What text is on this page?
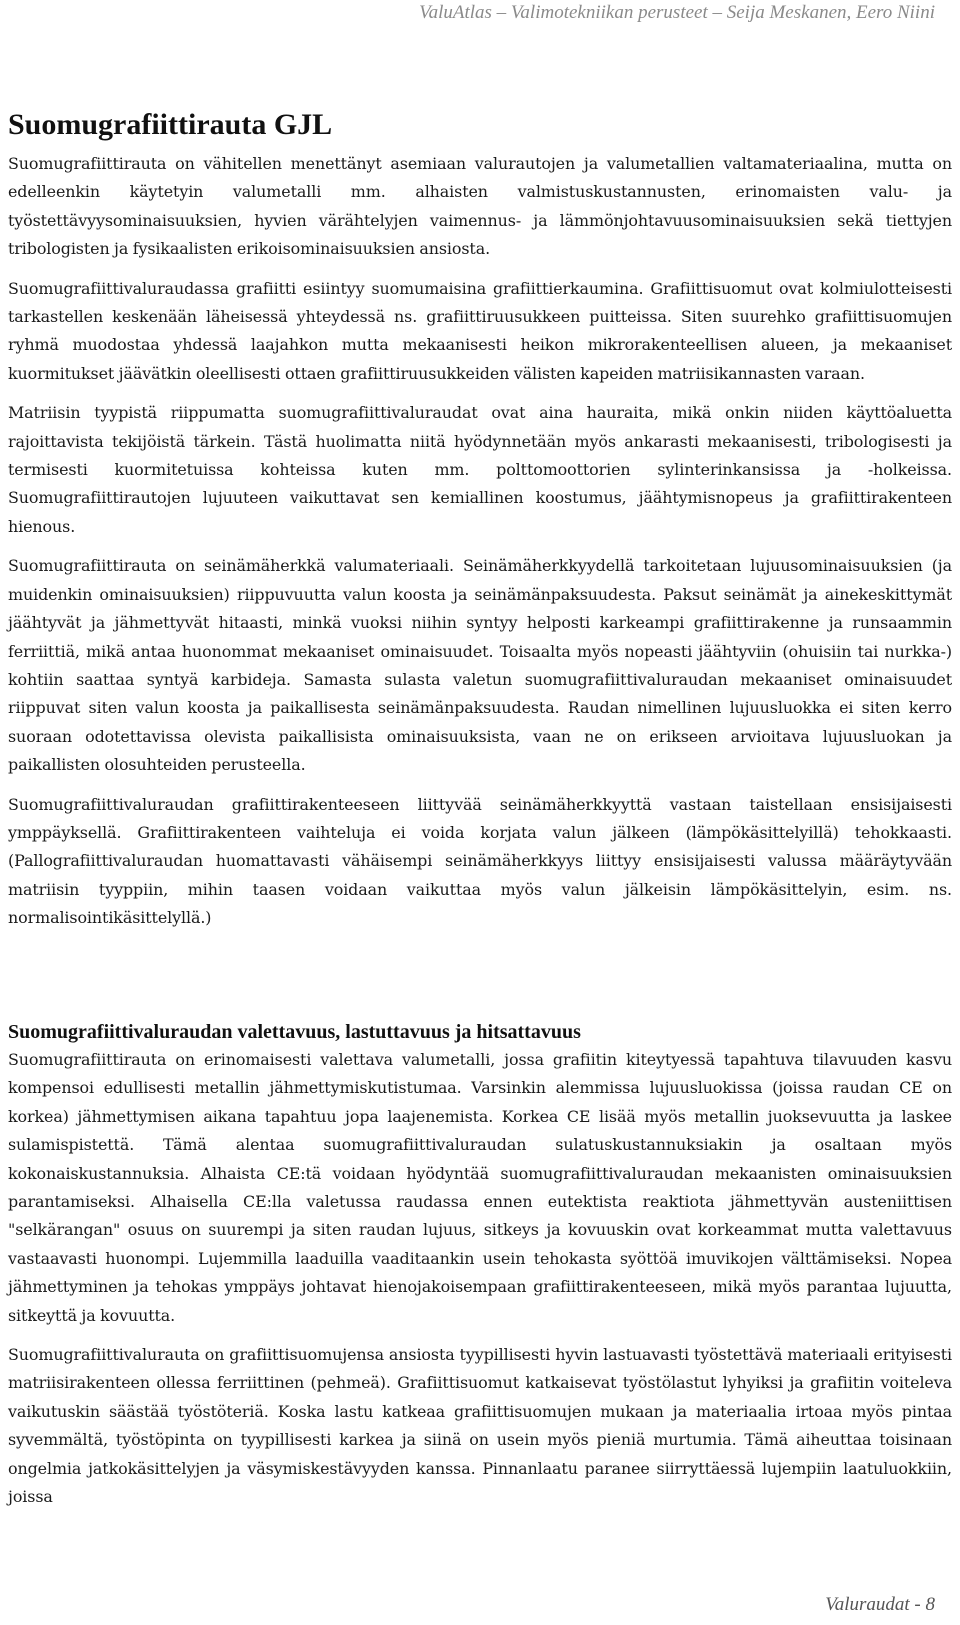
ValuAtlas – Valimotekniikan perusteet – Seija Meskanen, Eero Niini
Suomugrafiittirauta GJL

Suomugrafiittirauta on vähitellen menettänyt asemiaan valurautojen ja valumetallien valtamateriaalina, mutta on edelleenkin käytetyin valumetalli mm. alhaisten valmistuskustannusten, erinomaisten valu- ja työstettävyysominaisuuksien, hyvien värähtelyjen vaimennus- ja lämmönjohtavuusominaisuuksien sekä tiettyjen tribologisten ja fysikaalisten erikoisominaisuuksien ansiosta.

Suomugrafiittivaluraudassa grafiitti esiintyy suomumaisina grafiittierkaumina. Grafiittisuomut ovat kolmiulotteisesti tarkastellen keskenään läheisessä yhteydessä ns. grafiittiruusukkeen puitteissa. Siten suurehko grafiittisuomujen ryhmä muodostaa yhdessä laajahkon mutta mekaanisesti heikon mikrorakenteellisen alueen, ja mekaaniset kuormitukset jäävätkin oleellisesti ottaen grafiittiruusukkeiden välisten kapeiden matriisikannasten varaan.

Matriisin tyypistä riippumatta suomugrafiittivaluraudat ovat aina hauraita, mikä onkin niiden käyttöaluetta rajoittavista tekijöistä tärkein. Tästä huolimatta niitä hyödynnetään myös ankarasti mekaanisesti, tribologisesti ja termisesti kuormitetuissa kohteissa kuten mm. polttomoottorien sylinterinkansissa ja -holkeissa. Suomugrafiittirautojen lujuuteen vaikuttavat sen kemiallinen koostumus, jäähtymisnopeus ja grafiittirakenteen hienous.

Suomugrafiittirauta on seinämäherkkä valumateriaali. Seinämäherkkyydellä tarkoitetaan lujuusominaisuuksien (ja muidenkin ominaisuuksien) riippuvuutta valun koosta ja seinämänpaksuudesta. Paksut seinämät ja ainekeskittymät jäähtyvät ja jähmettyvät hitaasti, minkä vuoksi niihin syntyy helposti karkeampi grafiittirakenne ja runsaammin ferriittiä, mikä antaa huonommat mekaaniset ominaisuudet. Toisaalta myös nopeasti jäähtyviin (ohuisiin tai nurkka-) kohtiin saattaa syntyä karbideja. Samasta sulasta valetun suomugrafiittivaluraudan mekaaniset ominaisuudet riippuvat siten valun koosta ja paikallisesta seinämänpaksuudesta. Raudan nimellinen lujuusluokka ei siten kerro suoraan odotettavissa olevista paikallisista ominaisuuksista, vaan ne on erikseen arvioitava lujuusluokan ja paikallisten olosuhteiden perusteella.

Suomugrafiittivaluraudan grafiittirakenteeseen liittyvää seinämäherkkyyttä vastaan taistellaan ensisijaisesti ymppäyksellä. Grafiittirakenteen vaihteluja ei voida korjata valun jälkeen (lämpökäsittelyillä) tehokkaasti. (Pallografiittivaluraudan huomattavasti vähäisempi seinämäherkkyys liittyy ensisijaisesti valussa määräytyvään matriisin tyyppiin, mihin taasen voidaan vaikuttaa myös valun jälkeisin lämpökäsittelyin, esim. ns. normalisointikäsittelyllä.)

Suomugrafiittivaluraudan valettavuus, lastuttavuus ja hitsattavuus

Suomugrafiittirauta on erinomaisesti valettava valumetalli, jossa grafiitin kiteytyessä tapahtuva tilavuuden kasvu kompensoi edullisesti metallin jähmettymiskutistumaa. Varsinkin alemmissa lujuusluokissa (joissa raudan CE on korkea) jähmettymisen aikana tapahtuu jopa laajenemista. Korkea CE lisää myös metallin juoksevuutta ja laskee sulamispistettä. Tämä alentaa suomugrafiittivaluraudan sulatuskustannuksiakin ja osaltaan myös kokonaiskustannuksia. Alhaista CE:tä voidaan hyödyntää suomugrafiittivaluraudan mekaanisten ominaisuuksien parantamiseksi. Alhaisella CE:lla valetussa raudassa ennen eutektista reaktiota jähmettyvän austeniittisen "selkärangan" osuus on suurempi ja siten raudan lujuus, sitkeys ja kovuuskin ovat korkeammat mutta valettavuus vastaavasti huonompi. Lujemmilla laaduilla vaaditaankin usein tehokasta syöttöä imuvikojen välttämiseksi. Nopea jähmettyminen ja tehokas ymppäys johtavat hienojakoisempaan grafiittirakenteeseen, mikä myös parantaa lujuutta, sitkeyttä ja kovuutta.

Suomugrafiittivalurauta on grafiittisuomujensa ansiosta tyypillisesti hyvin lastuavasti työstettävä materiaali erityisesti matriisirakenteen ollessa ferriittinen (pehmeä). Grafiittisuomut katkaisevat työstölastut lyhyiksi ja grafiitin voiteleva vaikutuskin säästää työstöteriä. Koska lastu katkeaa grafiittisuomujen mukaan ja materiaalia irtoaa myös pintaa syvemmältä, työstöpinta on tyypillisesti karkea ja siinä on usein myös pieniä murtumia. Tämä aiheuttaa toisinaan ongelmia jatkokäsittelyjen ja väsymiskestävyyden kanssa. Pinnanlaatu paranee siirryttäessä lujempiin laatuluokkiin, joissa

Valuraudat - 8
